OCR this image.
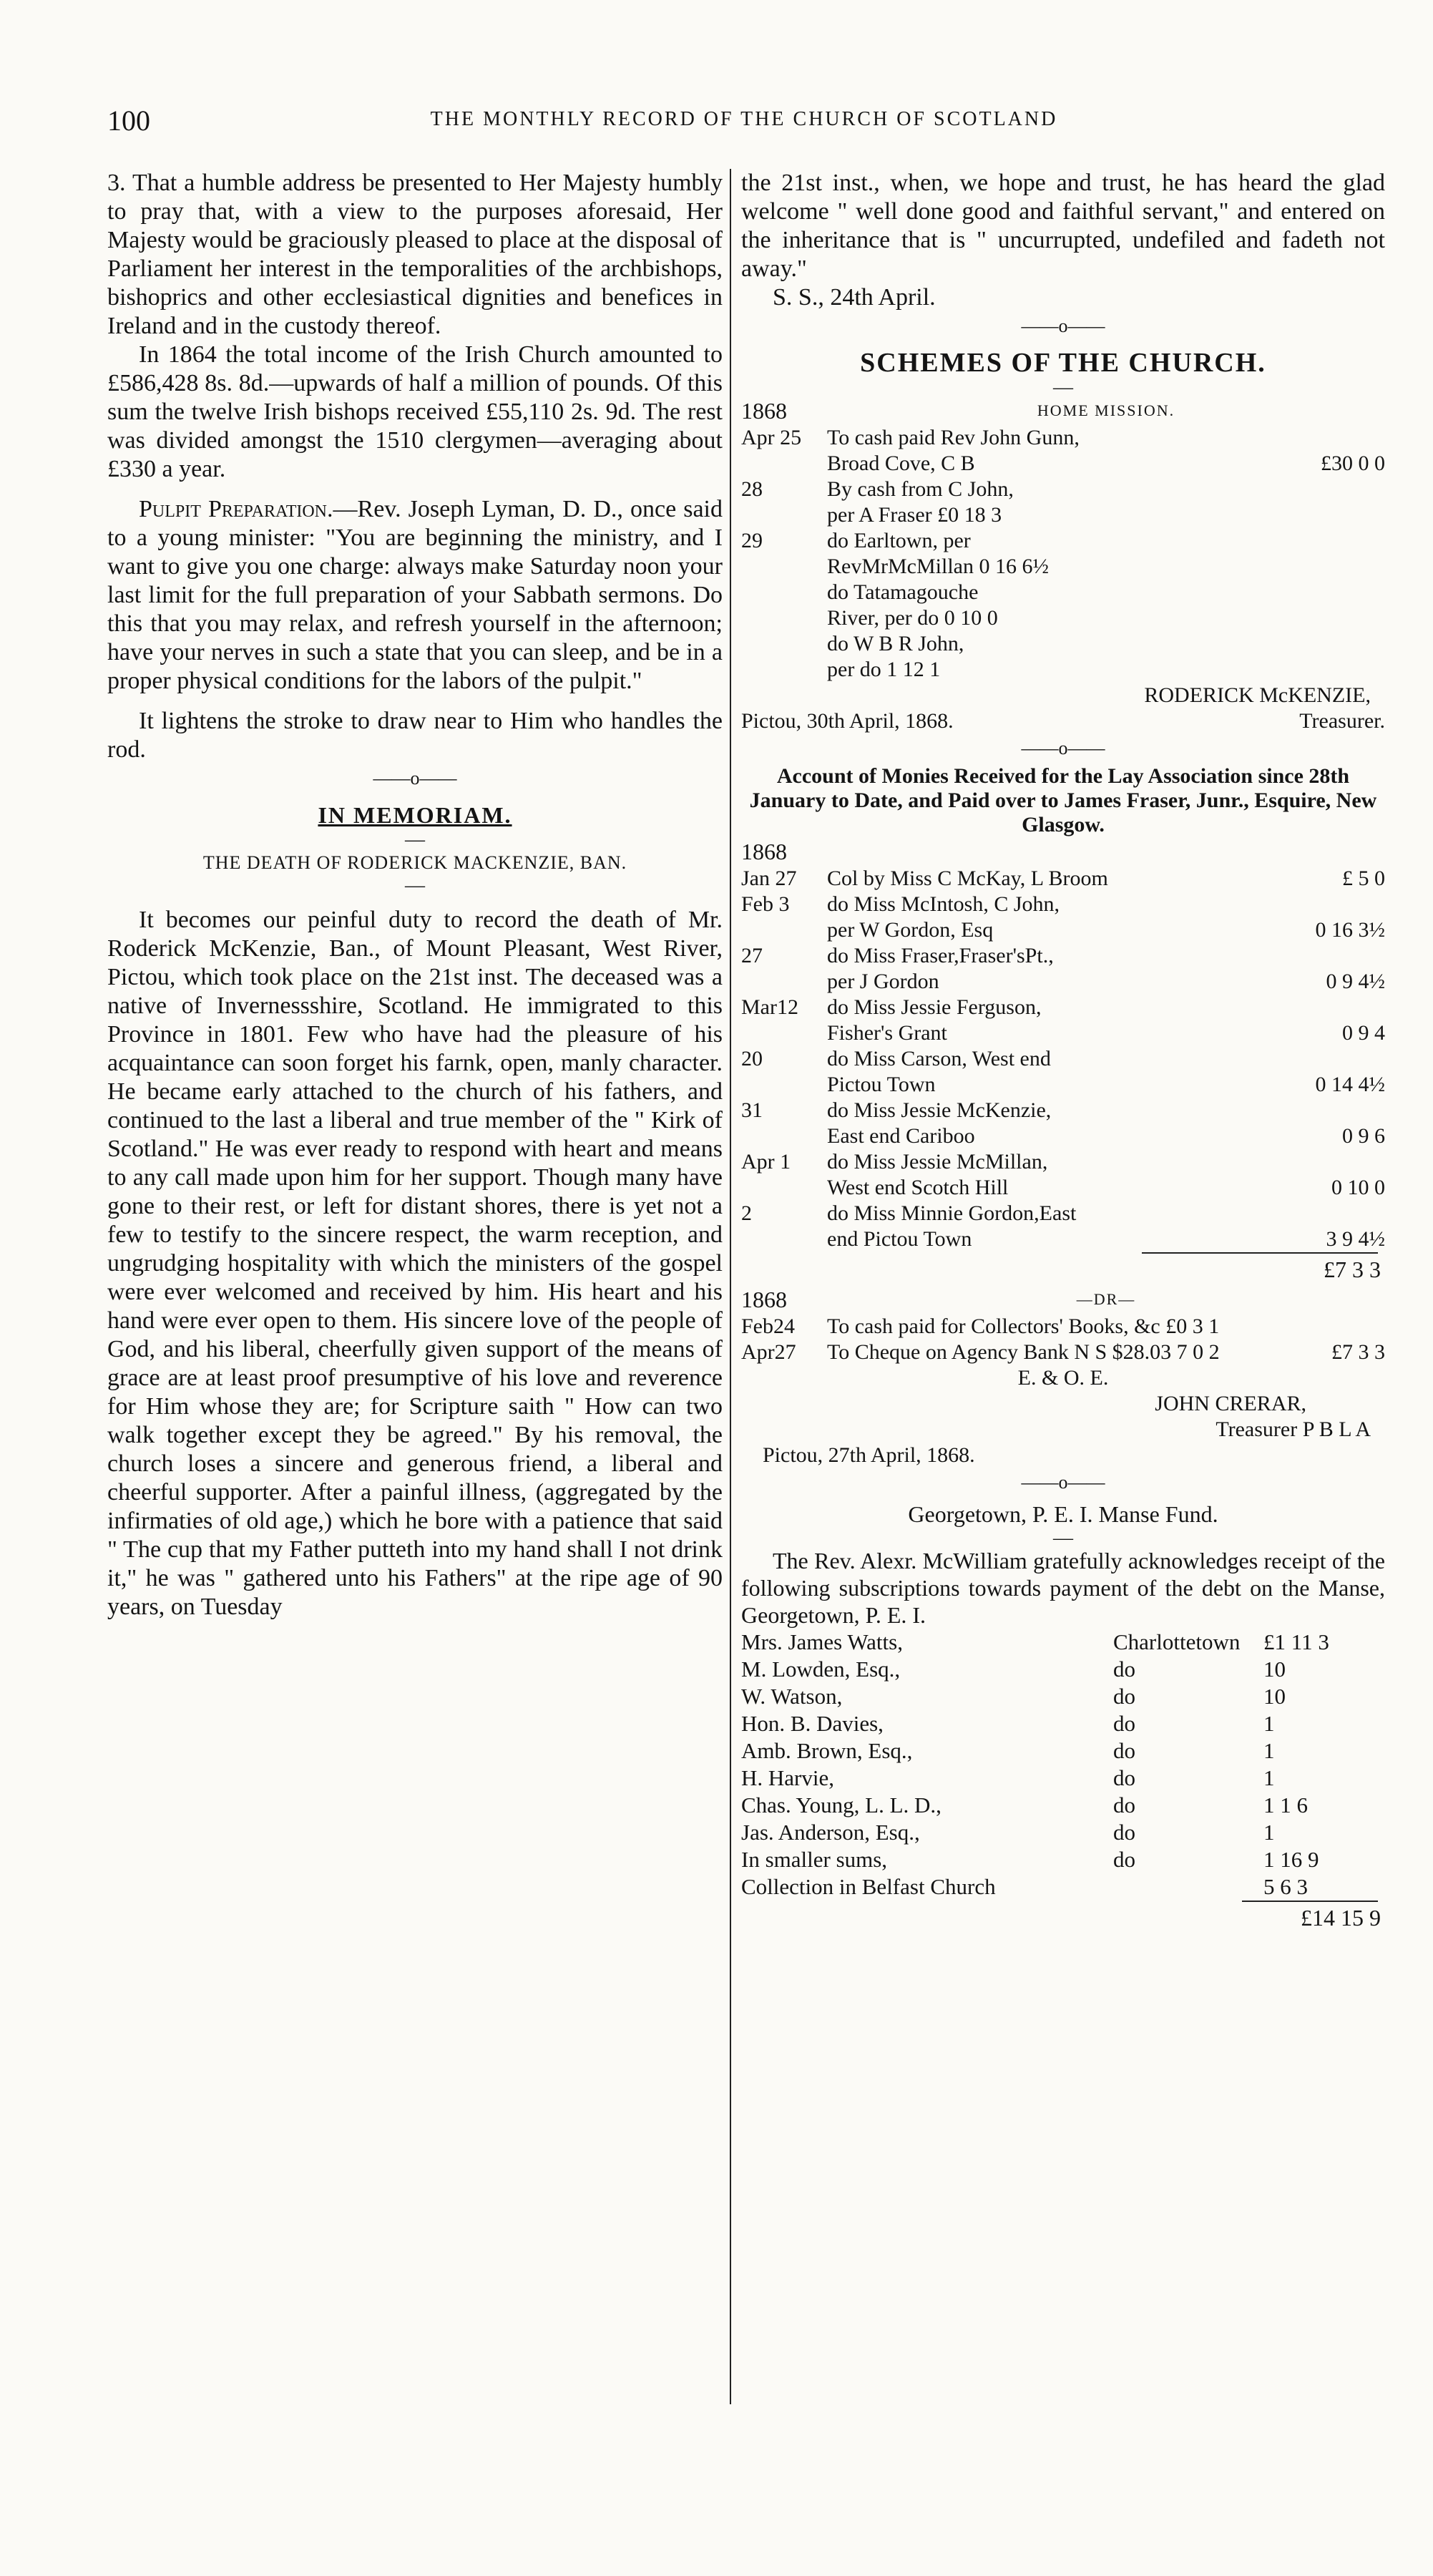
100	THE MONTHLY RECORD OF THE CHURCH OF SCOTLAND

3. That a humble address be presented to Her Majesty humbly to pray that, with a view to the purposes aforesaid, Her Majesty would be graciously pleased to place at the disposal of Parliament her interest in the temporalities of the archbishops, bishoprics and other ecclesiastical dignities and benefices in Ireland and in the custody thereof.

In 1864 the total income of the Irish Church amounted to £586,428 8s. 8d.—upwards of half a million of pounds. Of this sum the twelve Irish bishops received £55,110 2s. 9d. The rest was divided amongst the 1510 clergymen—averaging about £330 a year.

Pulpit Preparation.—Rev. Joseph Lyman, D. D., once said to a young minister: "You are beginning the ministry, and I want to give you one charge: always make Saturday noon your last limit for the full preparation of your Sabbath sermons. Do this that you may relax, and refresh yourself in the afternoon; have your nerves in such a state that you can sleep, and be in a proper physical conditions for the labors of the pulpit."

It lightens the stroke to draw near to Him who handles the rod.

——o——
IN MEMORIAM.
—
THE DEATH OF RODERICK MACKENZIE, BAN.
—

It becomes our peinful duty to record the death of Mr. Roderick McKenzie, Ban., of Mount Pleasant, West River, Pictou, which took place on the 21st inst. The deceased was a native of Invernessshire, Scotland. He immigrated to this Province in 1801. Few who have had the pleasure of his acquaintance can soon forget his farnk, open, manly character. He became early attached to the church of his fathers, and continued to the last a liberal and true member of the " Kirk of Scotland." He was ever ready to respond with heart and means to any call made upon him for her support. Though many have gone to their rest, or left for distant shores, there is yet not a few to testify to the sincere respect, the warm reception, and ungrudging hospitality with which the ministers of the gospel were ever welcomed and received by him. His heart and his hand were ever open to them. His sincere love of the people of God, and his liberal, cheerfully given support of the means of grace are at least proof presumptive of his love and reverence for Him whose they are; for Scripture saith " How can two walk together except they be agreed." By his removal, the church loses a sincere and generous friend, a liberal and cheerful supporter. After a painful illness, (aggregated by the infirmaties of old age,) which he bore with a patience that said " The cup that my Father putteth into my hand shall I not drink it," he was " gathered unto his Fathers" at the ripe age of 90 years, on Tuesday

the 21st inst., when, we hope and trust, he has heard the glad welcome " well done good and faithful servant," and entered on the inheritance that is " uncurrupted, undefiled and fadeth not away."

S. S., 24th April.

——o——
SCHEMES OF THE CHURCH.
—
1868	HOME MISSION.
Apr 25	To cash paid Rev John Gunn,
Broad Cove, C B	£30 0 0
28	By cash from C John,
per A Fraser £0 18 3
29	do Earltown, per
RevMrMcMillan 0 16 6½
do Tatamagouche
River, per do 0 10 0
do W B R John,
per do 1 12 1
RODERICK McKENZIE,
Pictou, 30th April, 1868.	Treasurer.
——o——
Account of Monies Received for the Lay Association since 28th January to Date, and Paid over to James Fraser, Junr., Esquire, New Glasgow.
1868
Jan 27	Col by Miss C McKay, L Broom	£ 5 0
Feb 3	do Miss McIntosh, C John,
per W Gordon, Esq	0 16 3½
27	do Miss Fraser,Fraser'sPt.,
per J Gordon	0 9 4½
Mar12	do Miss Jessie Ferguson,
Fisher's Grant	0 9 4
20	do Miss Carson, West end
Pictou Town	0 14 4½
31	do Miss Jessie McKenzie,
East end Cariboo	0 9 6
Apr 1	do Miss Jessie McMillan,
West end Scotch Hill	0 10 0
2	do Miss Minnie Gordon,East
end Pictou Town	3 9 4½
£7 3 3
1868	—DR—
Feb24	To cash paid for Collectors' Books, &c £0 3 1
Apr27	To Cheque on Agency Bank N S $28.03 7 0 2	£7 3 3
E. & O. E.
JOHN CRERAR,
Treasurer P B L A
Pictou, 27th April, 1868.
——o——
Georgetown, P. E. I. Manse Fund.
—

The Rev. Alexr. McWilliam gratefully acknowledges receipt of the following subscriptions towards payment of the debt on the Manse, Georgetown, P. E. I.

Mrs. James Watts,	Charlottetown	£1 11 3
M. Lowden, Esq.,	do	10
W. Watson,	do	10
Hon. B. Davies,	do	1
Amb. Brown, Esq.,	do	1
H. Harvie,	do	1
Chas. Young, L. L. D.,	do	1 1 6
Jas. Anderson, Esq.,	do	1
In smaller sums,	do	1 16 9
Collection in Belfast Church		5 6 3
£14 15 9
